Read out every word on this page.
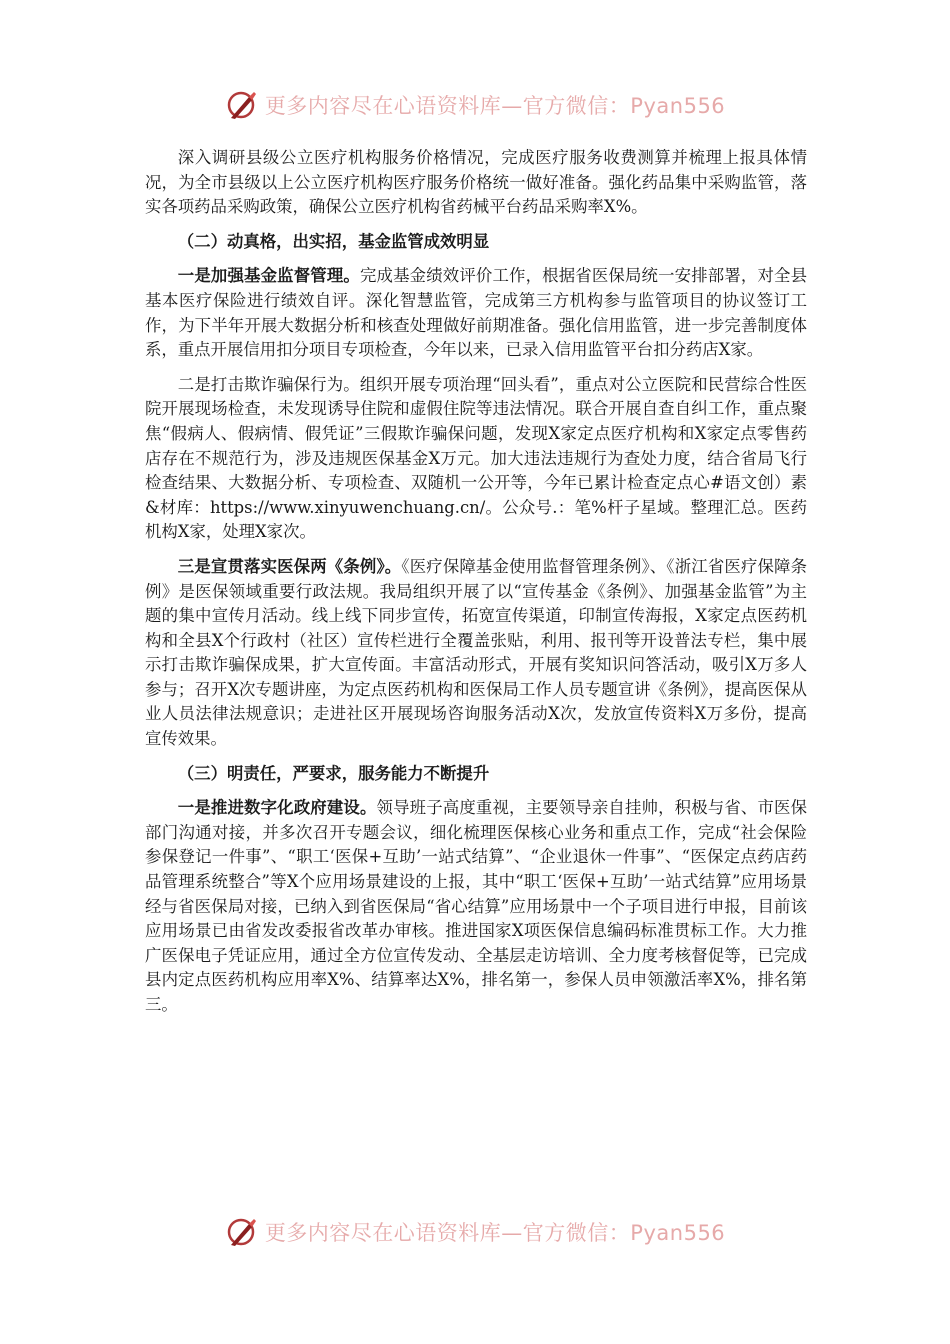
更多内容尽在心语资料库—官方微信：Pyan556

深入调研县级公立医疗机构服务价格情况，完成医疗服务收费测算并梳理上报具体情况，为全市县级以上公立医疗机构医疗服务价格统一做好准备。强化药品集中采购监管，落实各项药品采购政策，确保公立医疗机构省药械平台药品采购率X%。

（二）动真格，出实招，基金监管成效明显

一是加强基金监督管理。完成基金绩效评价工作，根据省医保局统一安排部署，对全县基本医疗保险进行绩效自评。深化智慧监管，完成第三方机构参与监管项目的协议签订工作，为下半年开展大数据分析和核查处理做好前期准备。强化信用监管，进一步完善制度体系，重点开展信用扣分项目专项检查，今年以来，已录入信用监管平台扣分药店X家。

二是打击欺诈骗保行为。组织开展专项治理“回头看”，重点对公立医院和民营综合性医院开展现场检查，未发现诱导住院和虚假住院等违法情况。联合开展自查自纠工作，重点聚焦“假病人、假病情、假凭证”三假欺诈骗保问题，发现X家定点医疗机构和X家定点零售药店存在不规范行为，涉及违规医保基金X万元。加大违法违规行为查处力度，结合省局飞行检查结果、大数据分析、专项检查、双随机一公开等，今年已累计检查定点心#语文创）素&材库：https://www.xinyuwenchuang.cn/。公众号.：笔%杆子星域。整理汇总。医药机构X家，处理X家次。

三是宣贯落实医保两《条例》。《医疗保障基金使用监督管理条例》、《浙江省医疗保障条例》是医保领域重要行政法规。我局组织开展了以“宣传基金《条例》、加强基金监管”为主题的集中宣传月活动。线上线下同步宣传，拓宽宣传渠道，印制宣传海报，X家定点医药机构和全县X个行政村（社区）宣传栏进行全覆盖张贴，利用、报刊等开设普法专栏，集中展示打击欺诈骗保成果，扩大宣传面。丰富活动形式，开展有奖知识问答活动，吸引X万多人参与；召开X次专题讲座，为定点医药机构和医保局工作人员专题宣讲《条例》，提高医保从业人员法律法规意识；走进社区开展现场咨询服务活动X次，发放宣传资料X万多份，提高宣传效果。

（三）明责任，严要求，服务能力不断提升

一是推进数字化政府建设。领导班子高度重视，主要领导亲自挂帅，积极与省、市医保部门沟通对接，并多次召开专题会议，细化梳理医保核心业务和重点工作，完成“社会保险参保登记一件事”、“职工‘医保+互助’一站式结算”、“企业退休一件事”、“医保定点药店药品管理系统整合”等X个应用场景建设的上报，其中“职工‘医保+互助’一站式结算”应用场景经与省医保局对接，已纳入到省医保局“省心结算”应用场景中一个子项目进行申报，目前该应用场景已由省发改委报省改革办审核。推进国家X项医保信息编码标准贯标工作。大力推广医保电子凭证应用，通过全方位宣传发动、全基层走访培训、全力度考核督促等，已完成县内定点医药机构应用率X%、结算率达X%，排名第一，参保人员申领激活率X%，排名第三。

更多内容尽在心语资料库—官方微信：Pyan556
